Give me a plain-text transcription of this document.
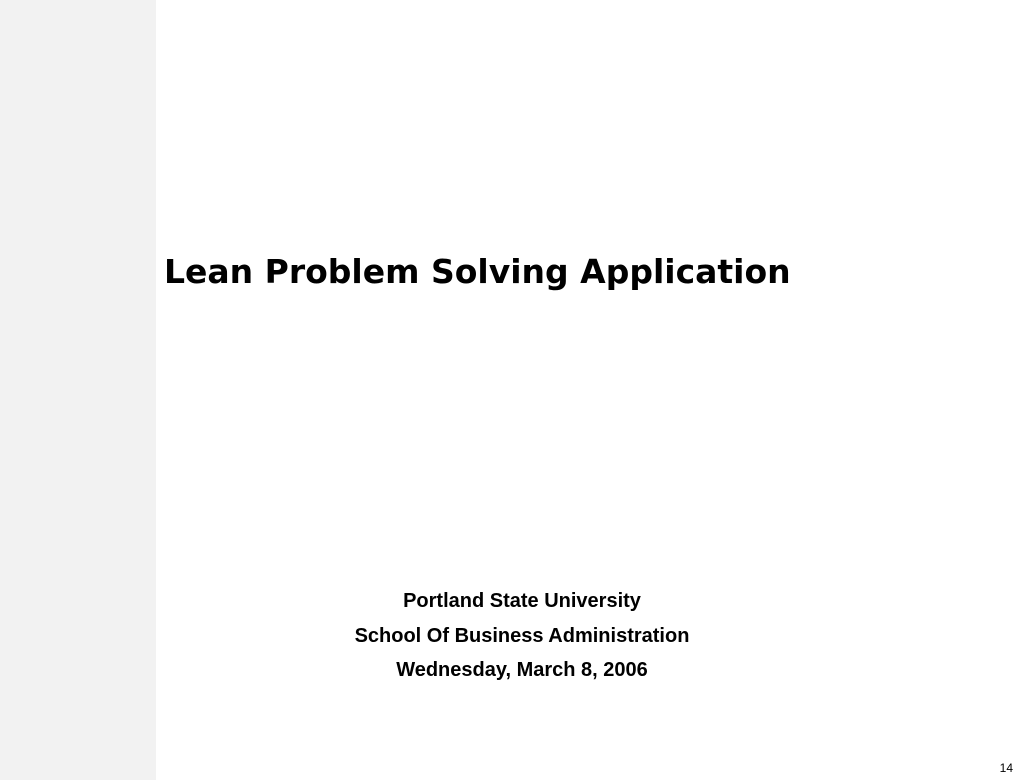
Lean Problem Solving Application
Portland State University
School Of Business Administration
Wednesday, March 8, 2006
14
